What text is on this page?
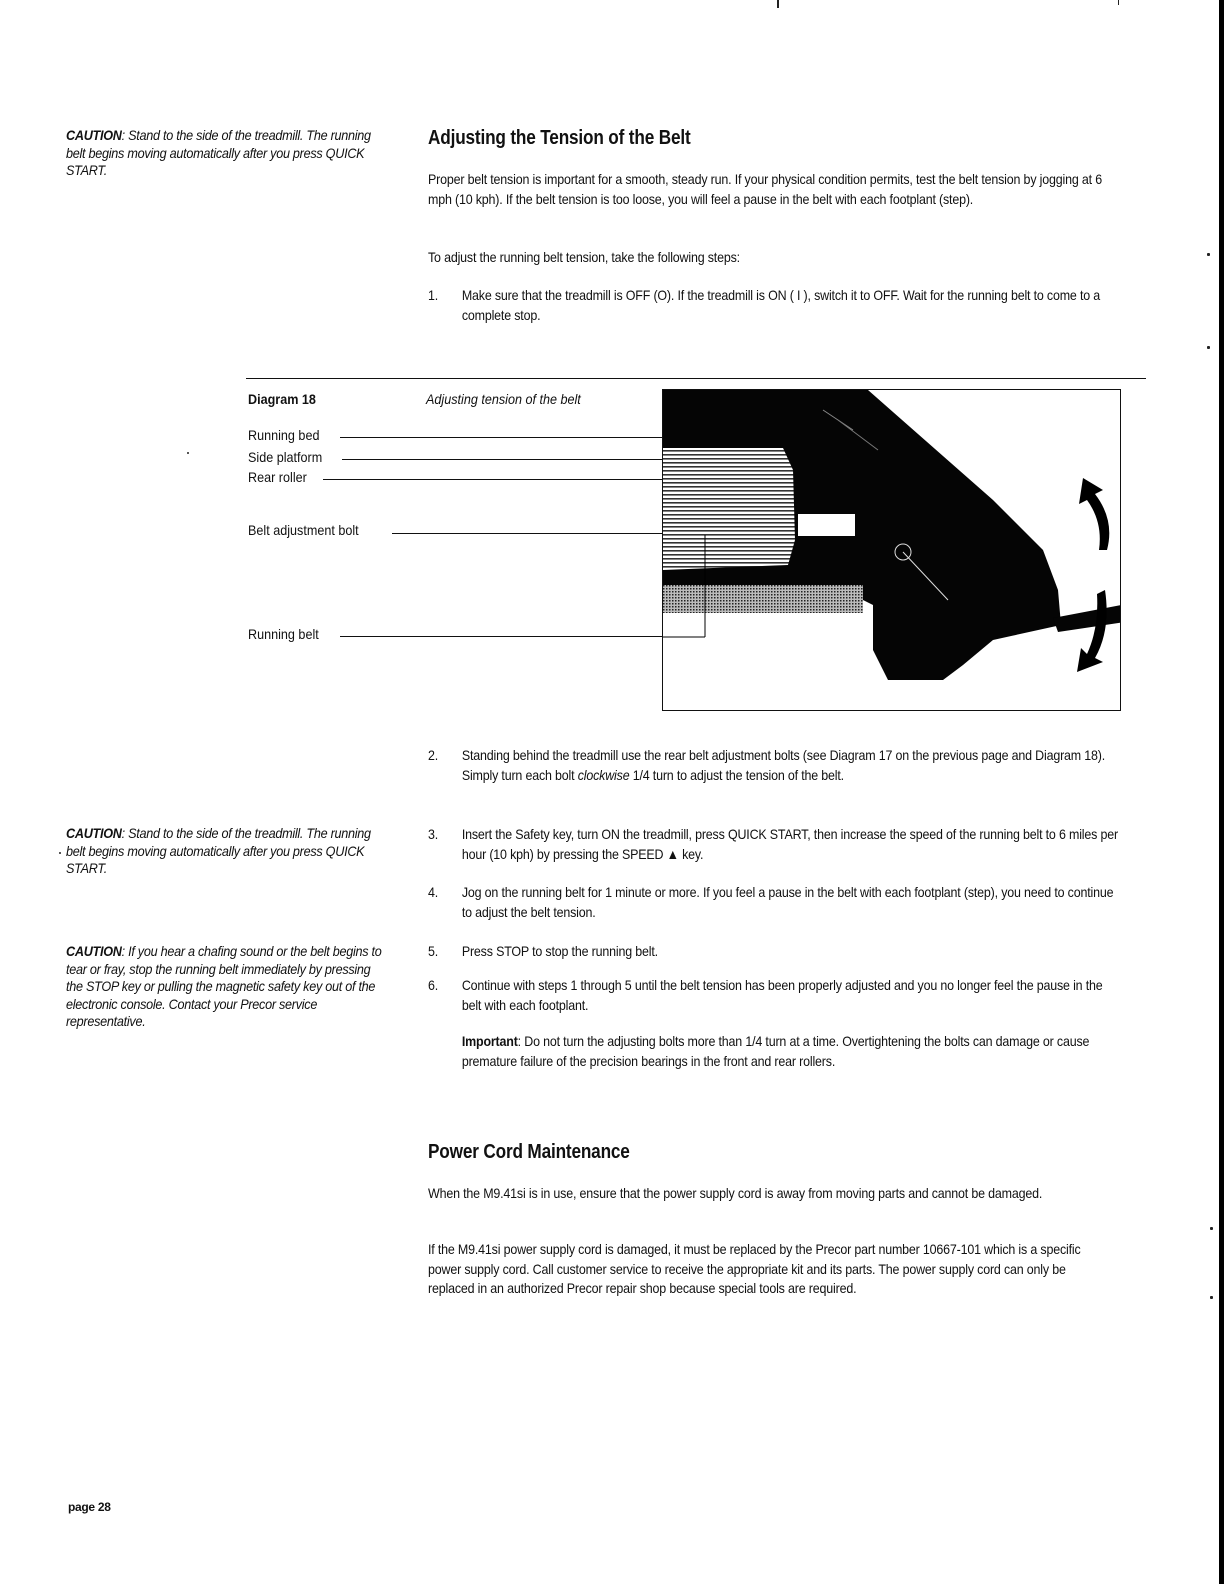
CAUTION: Stand to the side of the treadmill. The running belt begins moving automatically after you press QUICK START.
CAUTION: Stand to the side of the treadmill. The running belt begins moving automatically after you press QUICK START.
CAUTION: If you hear a chafing sound or the belt begins to tear or fray, stop the running belt immediately by pressing the STOP key or pulling the magnetic safety key out of the electronic console. Contact your Precor service representative.
Adjusting the Tension of the Belt
Proper belt tension is important for a smooth, steady run. If your physical condition permits, test the belt tension by jogging at 6 mph (10 kph). If the belt tension is too loose, you will feel a pause in the belt with each footplant (step).
To adjust the running belt tension, take the following steps:
1. Make sure that the treadmill is OFF (O). If the treadmill is ON ( I ), switch it to OFF. Wait for the running belt to come to a complete stop.
Diagram 18	Adjusting tension of the belt
Running bed
Side platform
Rear roller
Belt adjustment bolt
Running belt
2. Standing behind the treadmill use the rear belt adjustment bolts (see Diagram 17 on the previous page and Diagram 18). Simply turn each bolt clockwise 1/4 turn to adjust the tension of the belt.
3. Insert the Safety key, turn ON the treadmill, press QUICK START, then increase the speed of the running belt to 6 miles per hour (10 kph) by pressing the SPEED ▲ key.
4. Jog on the running belt for 1 minute or more. If you feel a pause in the belt with each footplant (step), you need to continue to adjust the belt tension.
5. Press STOP to stop the running belt.
6. Continue with steps 1 through 5 until the belt tension has been properly adjusted and you no longer feel the pause in the belt with each footplant.
Important: Do not turn the adjusting bolts more than 1/4 turn at a time. Overtightening the bolts can damage or cause premature failure of the precision bearings in the front and rear rollers.
Power Cord Maintenance
When the M9.41si is in use, ensure that the power supply cord is away from moving parts and cannot be damaged.
If the M9.41si power supply cord is damaged, it must be replaced by the Precor part number 10667-101 which is a specific power supply cord. Call customer service to receive the appropriate kit and its parts. The power supply cord can only be replaced in an authorized Precor repair shop because special tools are required.
page 28
